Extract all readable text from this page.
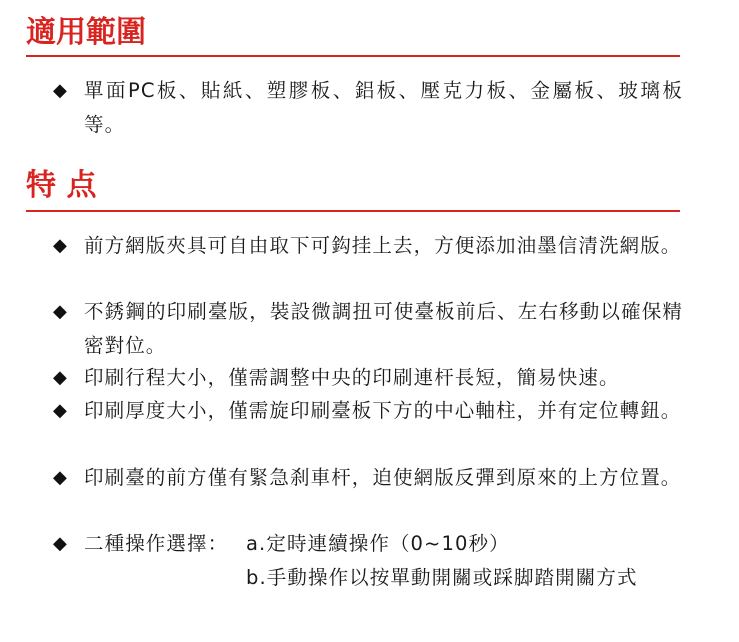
適用範圍
◆ 單面PC板、貼紙、塑膠板、鋁板、壓克力板、金屬板、玻璃板等。
特 点
◆ 前方網版夾具可自由取下可鈎挂上去，方便添加油墨信清洗網版。
◆ 不銹鋼的印刷臺版，裝設微調扭可使臺板前后、左右移動以確保精密對位。
◆ 印刷行程大小，僅需調整中央的印刷連杆長短，簡易快速。
◆ 印刷厚度大小，僅需旋印刷臺板下方的中心軸柱，并有定位轉鈕。
◆ 印刷臺的前方僅有緊急刹車杆，迫使網版反彈到原來的上方位置。
◆ 二種操作選擇： a.定時連續操作（0~10秒）
b.手動操作以按單動開關或踩脚踏開關方式
